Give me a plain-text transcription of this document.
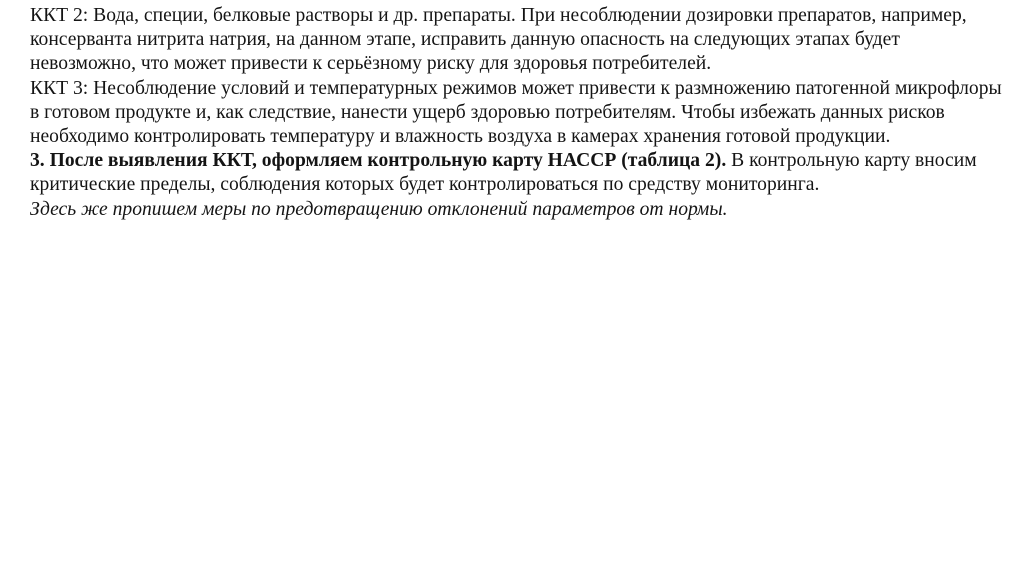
ККТ 2: Вода, специи, белковые растворы и др. препараты. При несоблюдении дозировки препаратов, например, консерванта нитрита натрия, на данном этапе, исправить данную опасность на следующих этапах будет невозможно, что может привести к серьёзному риску для здоровья потребителей.

ККТ 3: Несоблюдение условий и температурных режимов может привести к размножению патогенной микрофлоры в готовом продукте и, как следствие, нанести ущерб здоровью потребителям. Чтобы избежать данных рисков необходимо контролировать температуру и влажность воздуха в камерах хранения готовой продукции.

3. После выявления ККТ, оформляем контрольную карту НАССР (таблица 2). В контрольную карту вносим критические пределы, соблюдения которых будет контролироваться по средству мониторинга.

Здесь же пропишем меры по предотвращению отклонений параметров от нормы.
